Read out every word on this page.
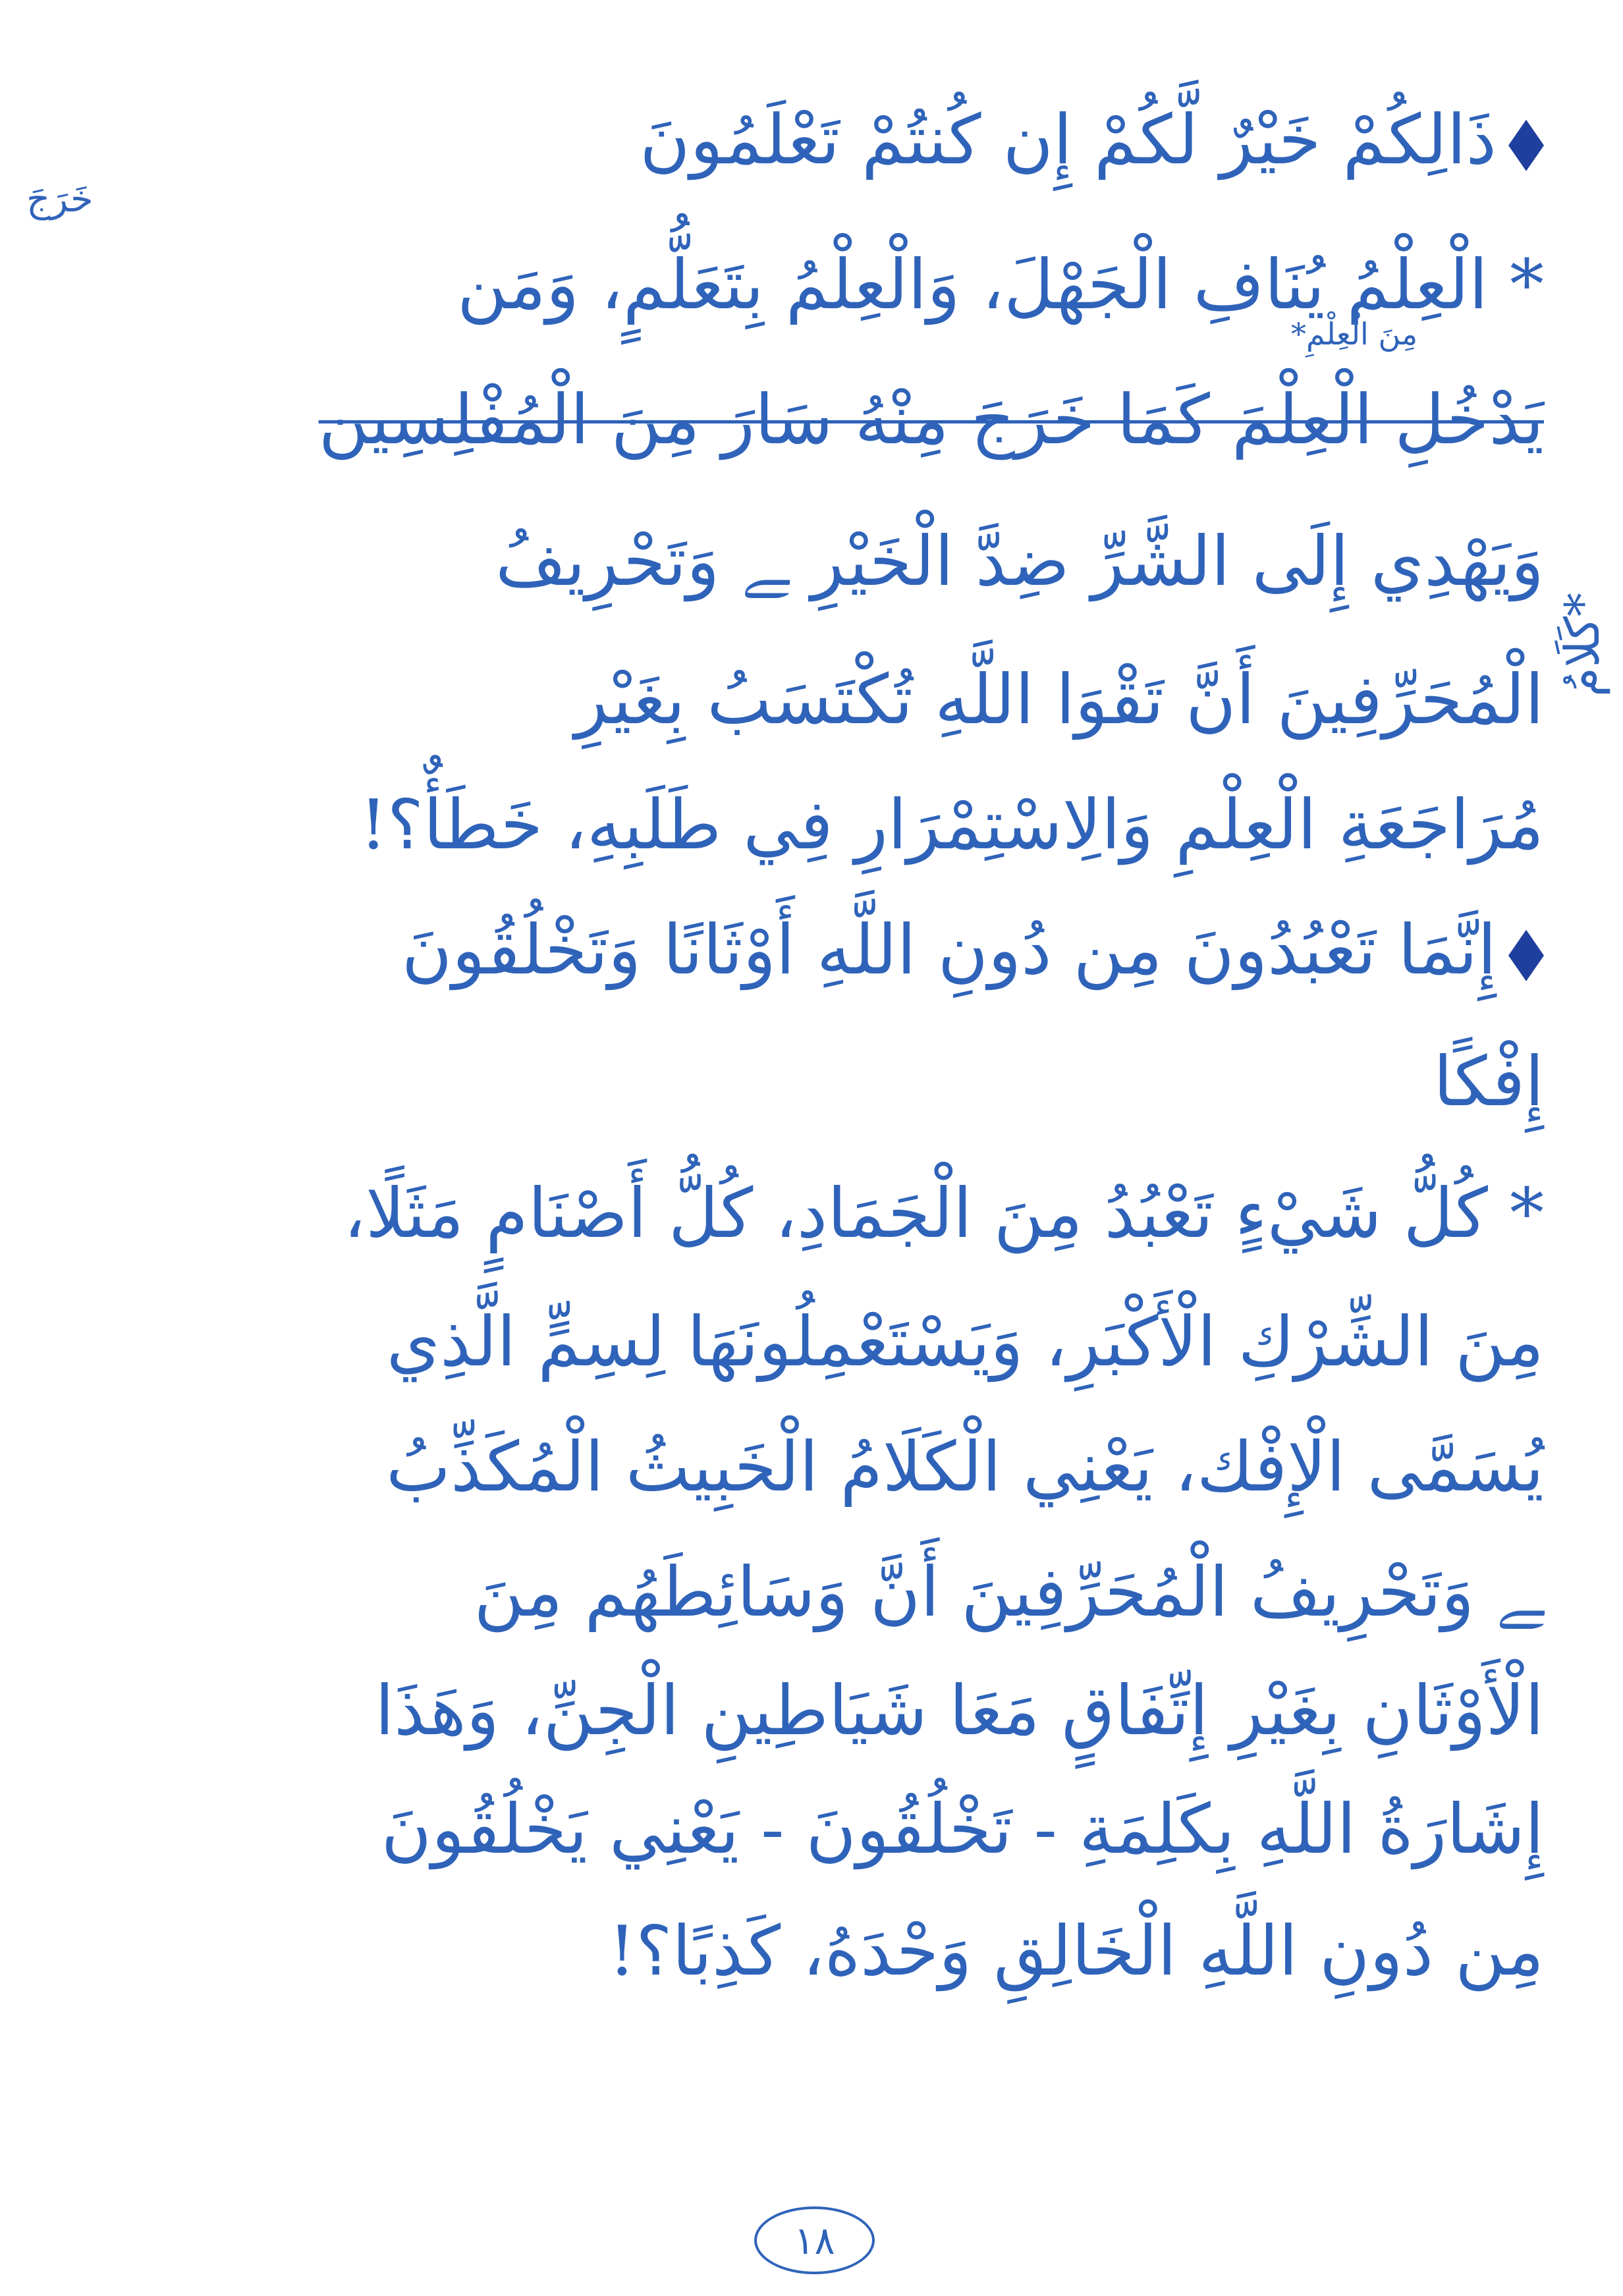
خَرَجَ
مِنَ الْعِلْمِ*
*كَلَامُ
ذَالِكُمْ خَيْرٌ لَّكُمْ إِن كُنتُمْ تَعْلَمُونَ
* الْعِلْمُ يُنَافِ الْجَهْلَ، وَالْعِلْمُ بِتَعَلُّمٍ، وَمَن
يَدْخُلِ الْعِلْمَ كَمَا خَرَجَ مِنْهُ سَارَ مِنَ الْمُفْلِسِين
وَيَهْدِي إِلَى الشَّرِّ ضِدَّ الْخَيْرِ ﮯ وَتَحْرِيفُ
الْمُحَرِّفِينَ أَنَّ تَقْوَا اللَّهِ تُكْتَسَبُ بِغَيْرِ
مُرَاجَعَةِ الْعِلْمِ وَالِاسْتِمْرَارِ فِي طَلَبِهِ، خَطَأٌ؟!
إِنَّمَا تَعْبُدُونَ مِن دُونِ اللَّهِ أَوْثَانًا وَتَخْلُقُونَ
إِفْكًا
* كُلُّ شَيْءٍ تَعْبُدُ مِنَ الْجَمَادِ، كُلُّ أَصْنَامٍ مَثَلًا،
مِنَ الشِّرْكِ الْأَكْبَرِ، وَيَسْتَعْمِلُونَهَا لِسِمٍّ الَّذِي
يُسَمَّى الْإِفْك، يَعْنِي الْكَلَامُ الْخَبِيثُ الْمُكَذِّبُ
ﮯ وَتَحْرِيفُ الْمُحَرِّفِينَ أَنَّ وَسَائِطَهُم مِنَ
الْأَوْثَانِ بِغَيْرِ إِتِّفَاقٍ مَعَا شَيَاطِينِ الْجِنِّ، وَهَذَا
إِشَارَةُ اللَّهِ بِكَلِمَةِ - تَخْلُقُونَ - يَعْنِي يَخْلُقُونَ
مِن دُونِ اللَّهِ الْخَالِقِ وَحْدَهُ، كَذِبًا؟!
١٨
